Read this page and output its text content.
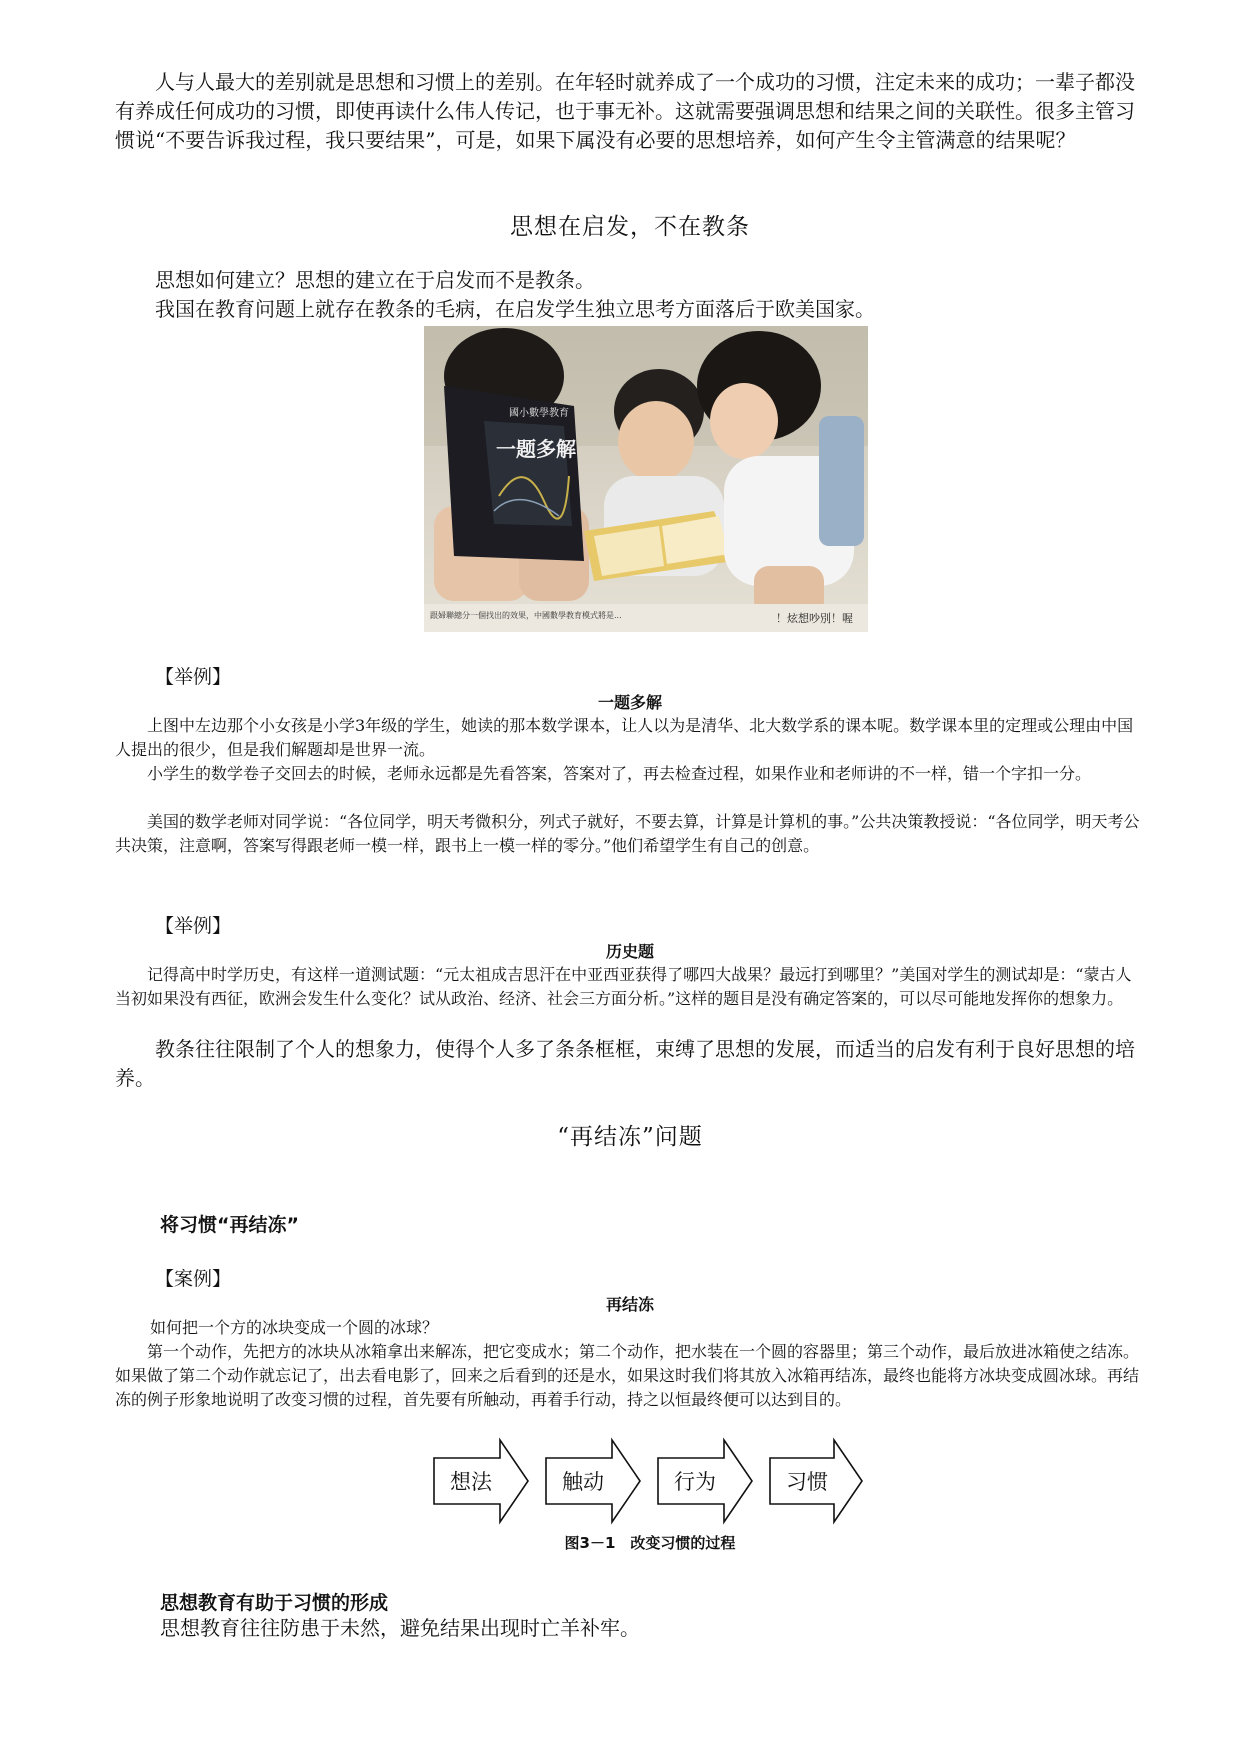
人与人最大的差别就是思想和习惯上的差别。在年轻时就养成了一个成功的习惯，注定未来的成功；一辈子都没有养成任何成功的习惯，即使再读什么伟人传记，也于事无补。这就需要强调思想和结果之间的关联性。很多主管习惯说“不要告诉我过程，我只要结果”，可是，如果下属没有必要的思想培养，如何产生令主管满意的结果呢？

思想在启发，不在教条
思想如何建立？思想的建立在于启发而不是教条。
我国在教育问题上就存在教条的毛病，在启发学生独立思考方面落后于欧美国家。
國小數學教育
一题多解
跟婦聯總分一個找出的效果，中國數學教育模式將是...	！炫想吵別！喔
【举例】
一题多解

上图中左边那个小女孩是小学3年级的学生，她读的那本数学课本，让人以为是清华、北大数学系的课本呢。数学课本里的定理或公理由中国人提出的很少，但是我们解题却是世界一流。

小学生的数学卷子交回去的时候，老师永远都是先看答案，答案对了，再去检查过程，如果作业和老师讲的不一样，错一个字扣一分。

美国的数学老师对同学说：“各位同学，明天考微积分，列式子就好，不要去算，计算是计算机的事。”公共决策教授说：“各位同学，明天考公共决策，注意啊，答案写得跟老师一模一样，跟书上一模一样的零分。”他们希望学生有自己的创意。

【举例】
历史题

记得高中时学历史，有这样一道测试题：“元太祖成吉思汗在中亚西亚获得了哪四大战果？最远打到哪里？”美国对学生的测试却是：“蒙古人当初如果没有西征，欧洲会发生什么变化？试从政治、经济、社会三方面分析。”这样的题目是没有确定答案的，可以尽可能地发挥你的想象力。

教条往往限制了个人的想象力，使得个人多了条条框框，束缚了思想的发展，而适当的启发有利于良好思想的培养。

“再结冻”问题
将习惯“再结冻”
【案例】
再结冻
如何把一个方的冰块变成一个圆的冰球？

第一个动作，先把方的冰块从冰箱拿出来解冻，把它变成水；第二个动作，把水装在一个圆的容器里；第三个动作，最后放进冰箱使之结冻。如果做了第二个动作就忘记了，出去看电影了，回来之后看到的还是水，如果这时我们将其放入冰箱再结冻，最终也能将方冰块变成圆冰球。再结冻的例子形象地说明了改变习惯的过程，首先要有所触动，再着手行动，持之以恒最终便可以达到目的。

想法	触动	行为	习惯
图3－1　改变习惯的过程
思想教育有助于习惯的形成
思想教育往往防患于未然，避免结果出现时亡羊补牢。
